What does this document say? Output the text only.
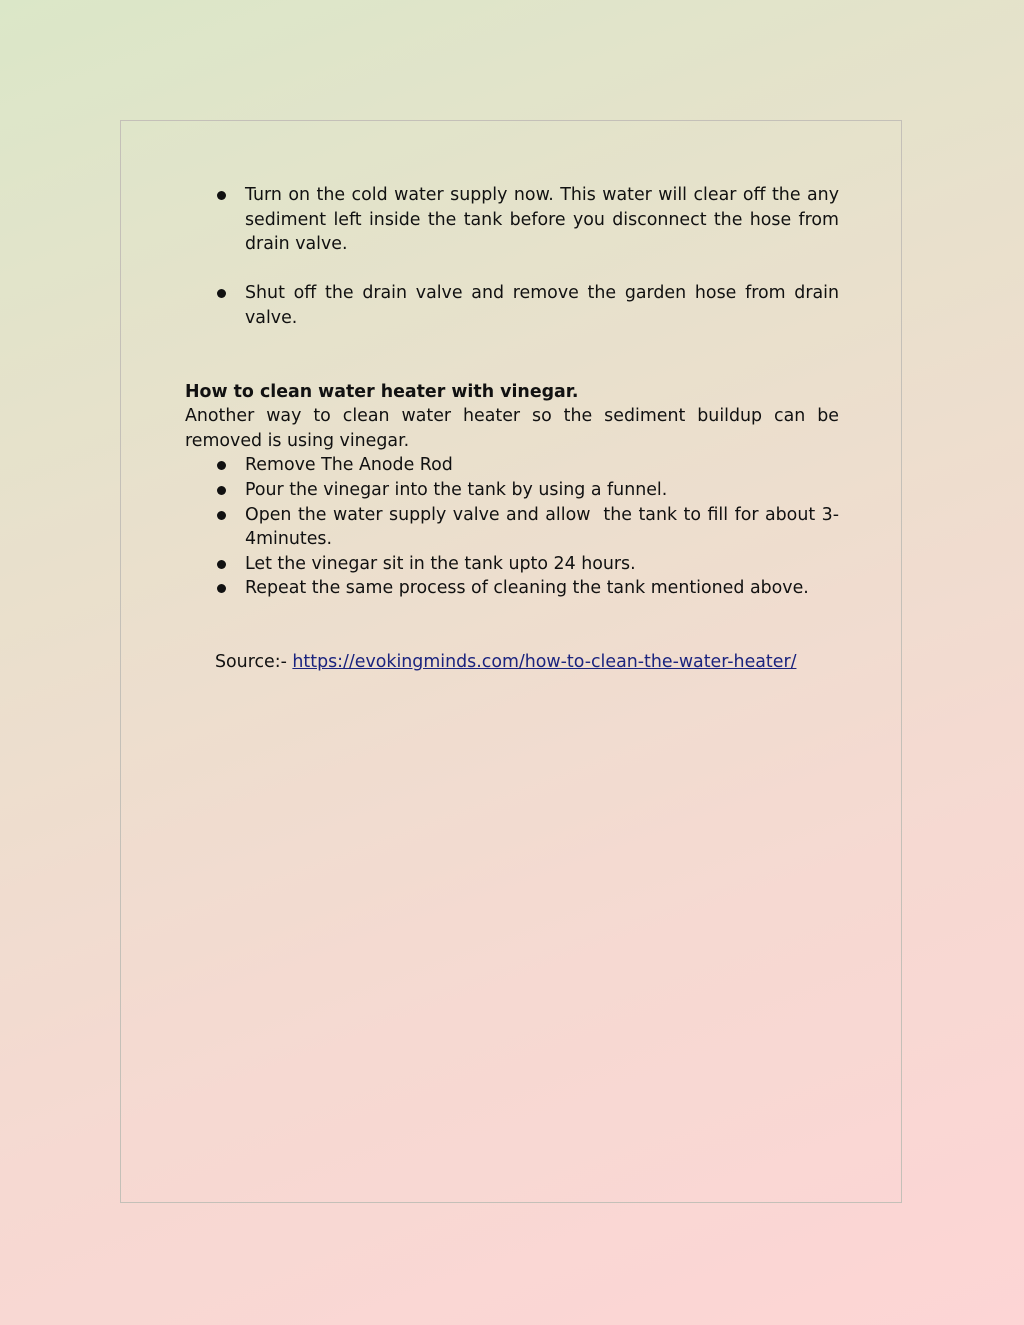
Turn on the cold water supply now. This water will clear off the any sediment left inside the tank before you disconnect the hose from drain valve.
Shut off the drain valve and remove the garden hose from drain valve.

How to clean water heater with vinegar.

Another way to clean water heater so the sediment buildup can be removed is using vinegar.

Remove The Anode Rod
Pour the vinegar into the tank by using a funnel.
Open the water supply valve and allow  the tank to fill for about 3-4minutes.
Let the vinegar sit in the tank upto 24 hours.
Repeat the same process of cleaning the tank mentioned above.
Source:- https://evokingminds.com/how-to-clean-the-water-heater/
